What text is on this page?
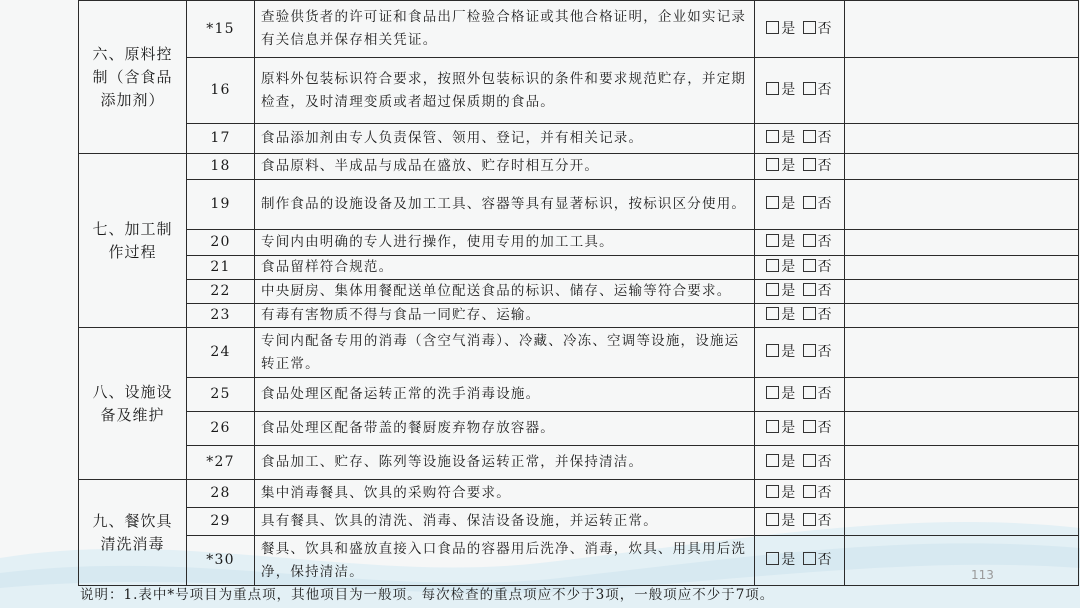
六、原料控制（含食品添加剂）	*15	查验供货者的许可证和食品出厂检验合格证或其他合格证明，企业如实记录有关信息并保存相关凭证。	是 否	
	16	原料外包装标识符合要求，按照外包装标识的条件和要求规范贮存，并定期检查，及时清理变质或者超过保质期的食品。	是 否	
	17	食品添加剂由专人负责保管、领用、登记，并有相关记录。	是 否	
七、加工制作过程	18	食品原料、半成品与成品在盛放、贮存时相互分开。	是 否	
	19	制作食品的设施设备及加工工具、容器等具有显著标识，按标识区分使用。	是 否	
	20	专间内由明确的专人进行操作，使用专用的加工工具。	是 否	
	21	食品留样符合规范。	是 否	
	22	中央厨房、集体用餐配送单位配送食品的标识、储存、运输等符合要求。	是 否	
	23	有毒有害物质不得与食品一同贮存、运输。	是 否	
八、设施设备及维护	24	专间内配备专用的消毒（含空气消毒）、冷藏、冷冻、空调等设施，设施运转正常。	是 否	
	25	食品处理区配备运转正常的洗手消毒设施。	是 否	
	26	食品处理区配备带盖的餐厨废弃物存放容器。	是 否	
	*27	食品加工、贮存、陈列等设施设备运转正常，并保持清洁。	是 否	
九、餐饮具清洗消毒	28	集中消毒餐具、饮具的采购符合要求。	是 否	
	29	具有餐具、饮具的清洗、消毒、保洁设备设施，并运转正常。	是 否	
	*30	餐具、饮具和盛放直接入口食品的容器用后洗净、消毒，炊具、用具用后洗净，保持清洁。	是 否	
113
说明：1.表中*号项目为重点项，其他项目为一般项。每次检查的重点项应不少于3项，一般项应不少于7项。
